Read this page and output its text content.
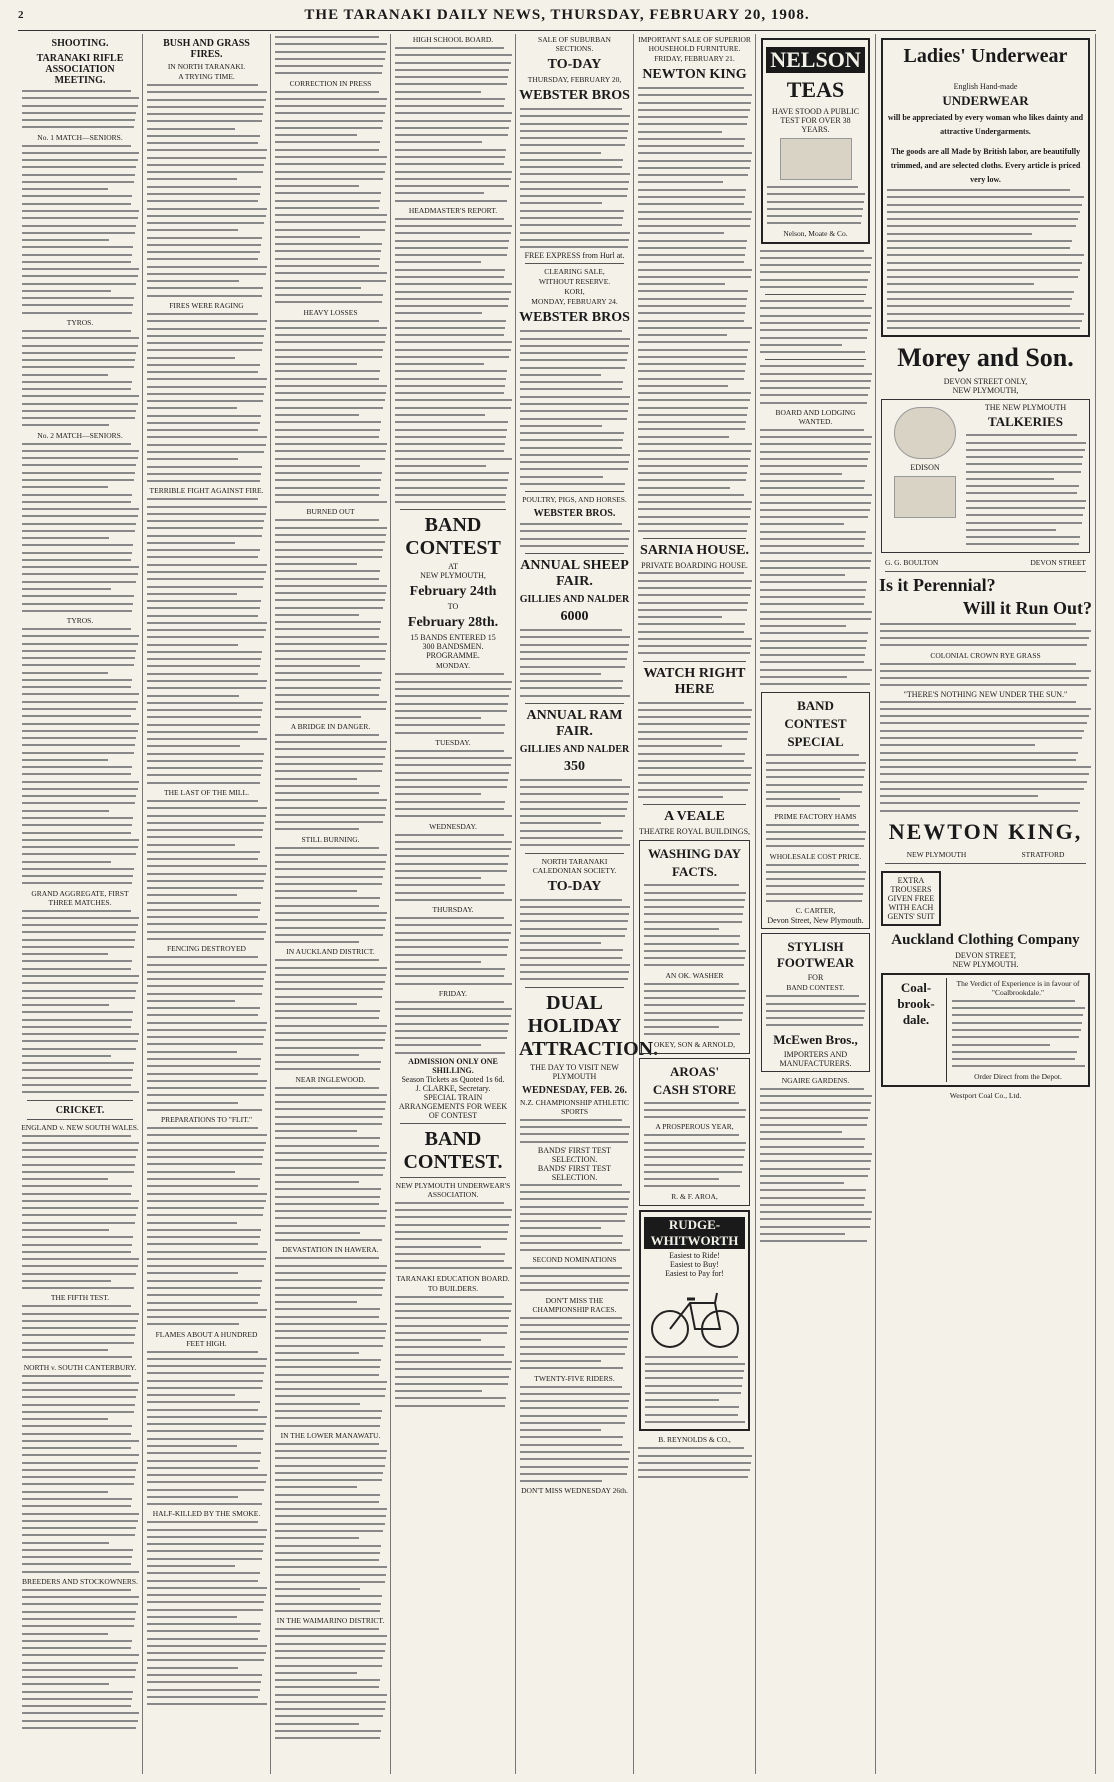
2	THE TARANAKI DAILY NEWS, THURSDAY, FEBRUARY 20, 1908.
SHOOTING.
TARANAKI RIFLE ASSOCIATION MEETING.
No. 1 MATCH—SENIORS.
TYROS.
No. 2 MATCH—SENIORS.
TYROS.
GRAND AGGREGATE, FIRST THREE MATCHES.
CRICKET.
ENGLAND v. NEW SOUTH WALES.
THE FIFTH TEST.
NORTH v. SOUTH CANTERBURY.
BREEDERS AND STOCKOWNERS.
BUSH AND GRASS FIRES.
IN NORTH TARANAKI.
A TRYING TIME.
FIRES WERE RAGING
TERRIBLE FIGHT AGAINST FIRE.
THE LAST OF THE MILL.
FENCING DESTROYED
PREPARATIONS TO "FLIT."
FLAMES ABOUT A HUNDRED FEET HIGH.
HALF-KILLED BY THE SMOKE.
CORRECTION IN PRESS
HEAVY LOSSES
BURNED OUT
A BRIDGE IN DANGER.
STILL BURNING.
IN AUCKLAND DISTRICT.
NEAR INGLEWOOD.
DEVASTATION IN HAWERA.
IN THE LOWER MANAWATU.
IN THE WAIMARINO DISTRICT.
HIGH SCHOOL BOARD.
HEADMASTER'S REPORT.
BAND CONTEST
AT
NEW PLYMOUTH,
February 24th
TO
February 28th.
15 BANDS ENTERED 15
300 BANDSMEN.
PROGRAMME.
MONDAY.
TUESDAY.
WEDNESDAY.
THURSDAY.
FRIDAY.
ADMISSION ONLY ONE SHILLING.
Season Tickets as Quoted 1s 6d.
J. CLARKE, Secretary.
SPECIAL TRAIN ARRANGEMENTS FOR WEEK OF CONTEST
BAND CONTEST.
NEW PLYMOUTH UNDERWEAR'S ASSOCIATION.
TARANAKI EDUCATION BOARD.
TO BUILDERS.
SALE OF SUBURBAN SECTIONS.
TO-DAY
THURSDAY, FEBRUARY 20,
WEBSTER BROS
FREE EXPRESS from Hurl at.
CLEARING SALE,
WITHOUT RESERVE.
KORI,
MONDAY, FEBRUARY 24.
WEBSTER BROS
POULTRY, PIGS, AND HORSES.
WEBSTER BROS.
ANNUAL SHEEP FAIR.
GILLIES AND NALDER
6000
ANNUAL RAM FAIR.
GILLIES AND NALDER
350
NORTH TARANAKI CALEDONIAN SOCIETY.
TO-DAY
DUAL HOLIDAY ATTRACTION.
THE DAY TO VISIT NEW PLYMOUTH
WEDNESDAY, FEB. 26.
N.Z. CHAMPIONSHIP ATHLETIC SPORTS
BANDS' FIRST TEST SELECTION.
BANDS' FIRST TEST SELECTION.
SECOND NOMINATIONS
DON'T MISS THE CHAMPIONSHIP RACES.
TWENTY-FIVE RIDERS.
DON'T MISS WEDNESDAY 26th.
IMPORTANT SALE OF SUPERIOR HOUSEHOLD FURNITURE.
FRIDAY, FEBRUARY 21.
NEWTON KING
SARNIA HOUSE.
PRIVATE BOARDING HOUSE.
WATCH RIGHT HERE
A VEALE
THEATRE ROYAL BUILDINGS,
WASHING DAY
FACTS.
AN OK. WASHER
OKEY, SON & ARNOLD,
AROAS'
CASH STORE
A PROSPEROUS YEAR,
R. & F. AROA,
RUDGE-WHITWORTH
Easiest to Ride!
Easiest to Buy!
Easiest to Pay for!
B. REYNOLDS & CO.,
NELSON
TEAS
HAVE STOOD A PUBLIC TEST FOR OVER 38 YEARS.
Nelson, Moate & Co.
BOARD AND LODGING WANTED.
BAND
CONTEST
SPECIAL
PRIME FACTORY HAMS
WHOLESALE COST PRICE.
C. CARTER,
Devon Street, New Plymouth.
STYLISH FOOTWEAR
FOR
BAND CONTEST.
McEwen Bros.,
IMPORTERS AND MANUFACTURERS.
NGAIRE GARDENS.
Ladies' Underwear
English Hand-made
UNDERWEAR
will be appreciated by every woman who likes dainty and attractive Undergarments.
The goods are all Made by British labor, are beautifully trimmed, and are selected cloths. Every article is priced very low.
Morey and Son.
DEVON STREET ONLY,
NEW PLYMOUTH,
EDISON
THE NEW PLYMOUTH
TALKERIES
G. G. BOULTON	DEVON STREET
Is it Perennial?
Will it Run Out?
COLONIAL CROWN RYE GRASS
"THERE'S NOTHING NEW UNDER THE SUN."
NEWTON KING,
NEW PLYMOUTH	STRATFORD
EXTRA
TROUSERS
GIVEN FREE
WITH EACH
GENTS' SUIT
Auckland Clothing Company
DEVON STREET,
NEW PLYMOUTH.
Coal-brook-dale.
The Verdict of Experience is in favour of "Coalbrookdale."
Order Direct from the Depot.
Westport Coal Co., Ltd.
